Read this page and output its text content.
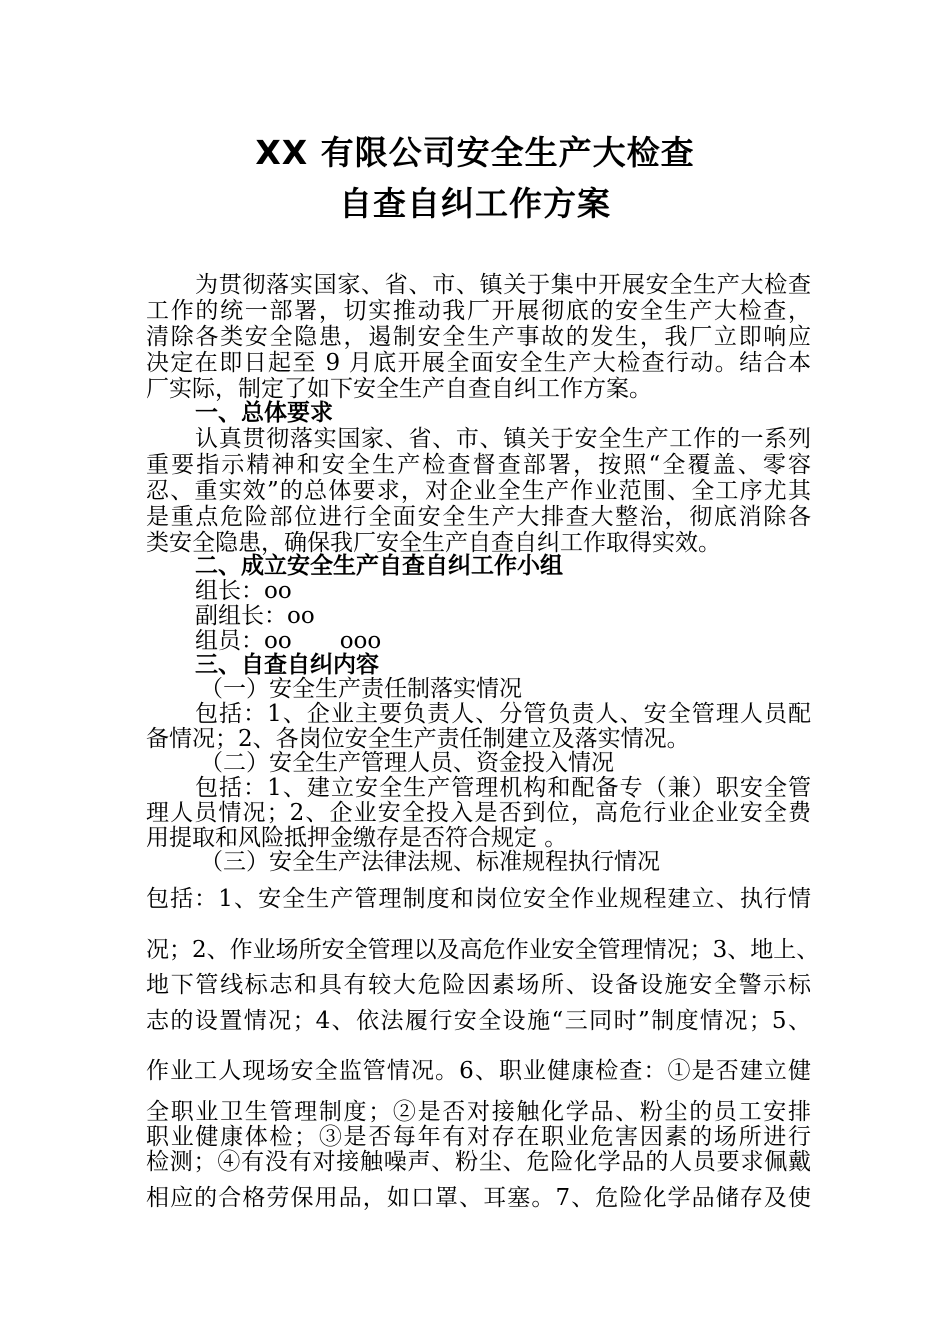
XX 有限公司安全生产大检查
自查自纠工作方案
为贯彻落实国家、省、市、镇关于集中开展安全生产大检查
工作的统一部署，切实推动我厂开展彻底的安全生产大检查，
清除各类安全隐患，遏制安全生产事故的发生，我厂立即响应
决定在即日起至 9 月底开展全面安全生产大检查行动。结合本
厂实际，制定了如下安全生产自查自纠工作方案。
一、总体要求
认真贯彻落实国家、省、市、镇关于安全生产工作的一系列
重要指示精神和安全生产检查督查部署，按照“全覆盖、零容
忍、重实效”的总体要求，对企业全生产作业范围、全工序尤其
是重点危险部位进行全面安全生产大排查大整治，彻底消除各
类安全隐患，确保我厂安全生产自查自纠工作取得实效。
二、成立安全生产自查自纠工作小组
组长：oo
副组长：oo
组员：oo ooo
三、自查自纠内容
（一）安全生产责任制落实情况
包括：1、企业主要负责人、分管负责人、安全管理人员配
备情况；2、各岗位安全生产责任制建立及落实情况。
（二）安全生产管理人员、资金投入情况
包括：1、建立安全生产管理机构和配备专（兼）职安全管
理人员情况；2、企业安全投入是否到位，高危行业企业安全费
用提取和风险抵押金缴存是否符合规定 。
（三）安全生产法律法规、标准规程执行情况
包括：1、安全生产管理制度和岗位安全作业规程建立、执行情
况；2、作业场所安全管理以及高危作业安全管理情况；3、地上、
地下管线标志和具有较大危险因素场所、设备设施安全警示标
志的设置情况；4、依法履行安全设施“三同时”制度情况；5、
作业工人现场安全监管情况。6、职业健康检查：①是否建立健
全职业卫生管理制度；②是否对接触化学品、粉尘的员工安排
职业健康体检；③是否每年有对存在职业危害因素的场所进行
检测；④有没有对接触噪声、粉尘、危险化学品的人员要求佩戴
相应的合格劳保用品，如口罩、耳塞。7、危险化学品储存及使
